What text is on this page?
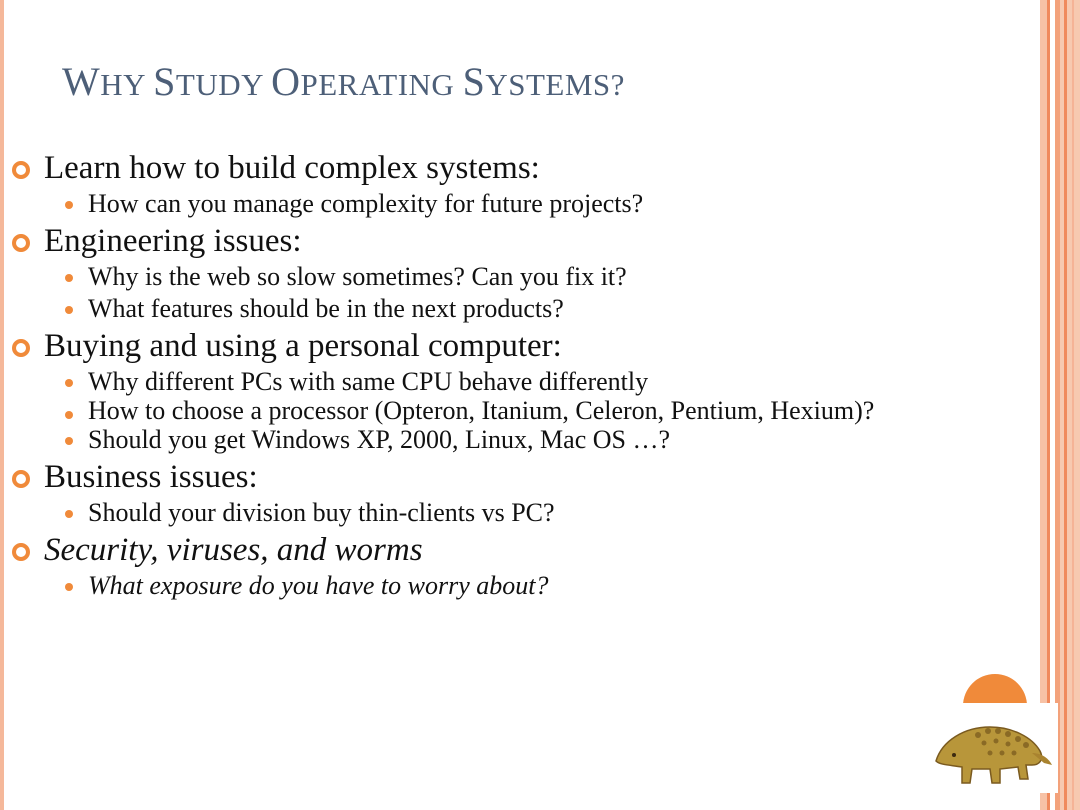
WHY STUDY OPERATING SYSTEMS?
Learn how to build complex systems:
How can you manage complexity for future projects?
Engineering issues:
Why is the web so slow sometimes? Can you fix it?
What features should be in the next products?
Buying and using a personal computer:
Why different PCs with same CPU behave differently
How to choose a processor (Opteron, Itanium, Celeron, Pentium, Hexium)?
Should you get Windows XP, 2000, Linux, Mac OS …?
Business issues:
Should your division buy thin-clients vs PC?
Security, viruses, and worms
What exposure do you have to worry about?
